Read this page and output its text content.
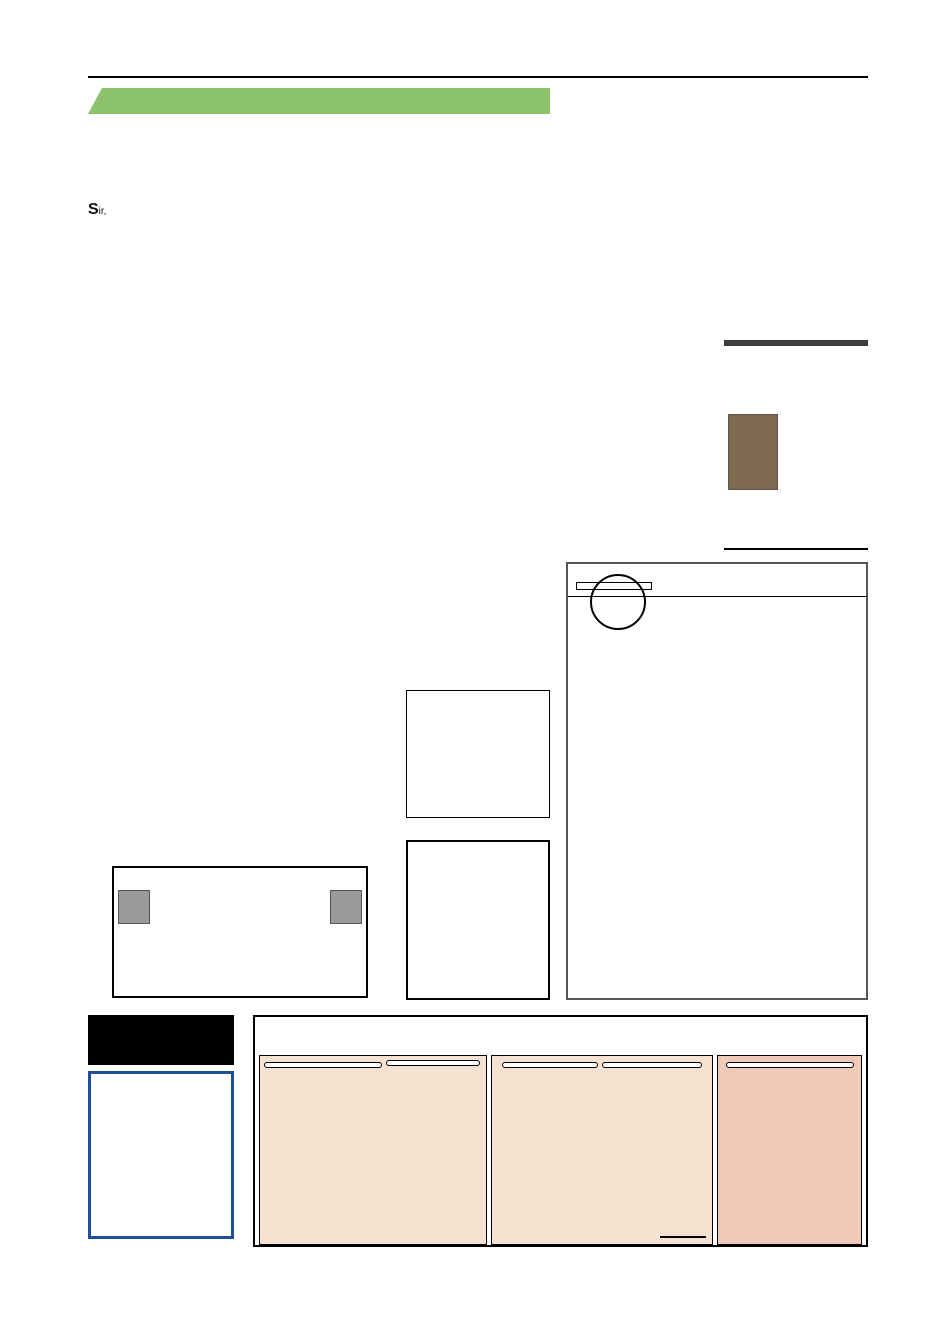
Sir,
